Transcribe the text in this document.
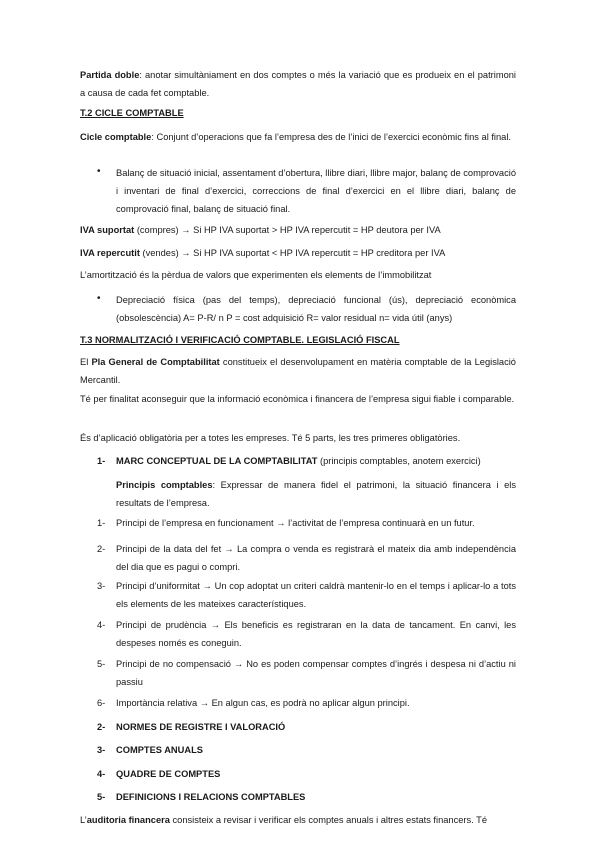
Partida doble: anotar simultàniament en dos comptes o més la variació que es produeix en el patrimoni a causa de cada fet comptable.

T.2 CICLE COMPTABLE

Cicle comptable: Conjunt d’operacions que fa l’empresa des de l’inici de l’exercici econòmic fins al final.

• Balanç de situació inicial, assentament d’obertura, llibre diari, llibre major, balanç de comprovació i inventari de final d’exercici, correccions de final d’exercici en el llibre diari, balanç de comprovació final, balanç de situació final.

IVA suportat (compres) → Si HP IVA suportat > HP IVA repercutit = HP deutora per IVA

IVA repercutit (vendes) → Si HP IVA suportat < HP IVA repercutit = HP creditora per IVA

L’amortització és la pèrdua de valors que experimenten els elements de l’immobilitzat

• Depreciació física (pas del temps), depreciació funcional (ús), depreciació econòmica (obsolescència) A= P-R/ n P = cost adquisició R= valor residual n= vida útil (anys)

T.3 NORMALITZACIÓ I VERIFICACIÓ COMPTABLE. LEGISLACIÓ FISCAL

El Pla General de Comptabilitat constitueix el desenvolupament en matèria comptable de la Legislació Mercantil.

Té per finalitat aconseguir que la informació econòmica i financera de l’empresa sigui fiable i comparable.

És d’aplicació obligatòria per a totes les empreses. Té 5 parts, les tres primeres obligatòries.

1- MARC CONCEPTUAL DE LA COMPTABILITAT (principis comptables, anotem exercici)

Principis comptables: Expressar de manera fidel el patrimoni, la situació financera i els resultats de l’empresa.

1- Principi de l’empresa en funcionament → l’activitat de l’empresa continuarà en un futur.

2- Principi de la data del fet → La compra o venda es registrarà el mateix dia amb independència del dia que es pagui o compri.

3- Principi d’uniformitat → Un cop adoptat un criteri caldrà mantenir-lo en el temps i aplicar-lo a tots els elements de les mateixes característiques.

4- Principi de prudència → Els beneficis es registraran en la data de tancament. En canvi, les despeses només es coneguin.

5- Principi de no compensació → No es poden compensar comptes d’ingrés i despesa ni d’actiu ni passiu

6- Importància relativa → En algun cas, es podrà no aplicar algun principi.

2- NORMES DE REGISTRE I VALORACIÓ

3- COMPTES ANUALS

4- QUADRE DE COMPTES

5- DEFINICIONS I RELACIONS COMPTABLES

L’auditoria financera consisteix a revisar i verificar els comptes anuals i altres estats financers. Té
